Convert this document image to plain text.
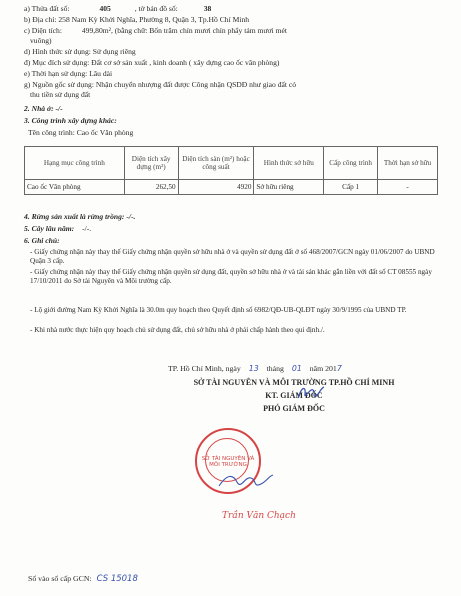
a) Thửa đất số:	405	, tờ bản đồ số:	38
b) Địa chỉ: 258 Nam Kỳ Khởi Nghĩa, Phường 8, Quận 3, Tp.Hồ Chí Minh
c) Diện tích:	499,80m², (bằng chữ: Bốn trăm chín mươi chín phẩy tám mươi mét
vuông)
d) Hình thức sử dụng: Sử dụng riêng
đ) Mục đích sử dụng: Đất cơ sở sản xuất , kinh doanh ( xây dựng cao ốc văn phòng)
e) Thời hạn sử dụng: Lâu dài
g) Nguồn gốc sử dụng: Nhận chuyển nhượng đất được Công nhận QSDĐ như giao đất có
thu tiền sử dụng đất
2. Nhà ở: -/-
3. Công trình xây dựng khác:
Tên công trình: Cao ốc Văn phòng
Hạng mục công trình	Diện tích xây dựng (m²)	Diện tích sàn (m²) hoặc công suất	Hình thức sở hữu	Cấp công trình	Thời hạn sở hữu
Cao ốc Văn phòng	262,50	4920	Sở hữu riêng	Cấp 1	-
4. Rừng sản xuất là rừng trồng: -/-.
5. Cây lâu năm: -/-.
6. Ghi chú:
- Giấy chứng nhận này thay thế Giấy chứng nhận quyền sở hữu nhà ở và quyền sử dụng đất ở số 468/2007/GCN ngày 01/06/2007 do UBND Quận 3 cấp.
- Giấy chứng nhận này thay thế Giấy chứng nhận quyền sử dụng đất, quyền sở hữu nhà ở và tài sản khác gắn liền với đất số CT 08555 ngày 17/10/2011 do Sở tài Nguyên và Môi trường cấp.
- Lộ giới đường Nam Kỳ Khởi Nghĩa là 30.0m quy hoạch theo Quyết định số 6982/QĐ-UB-QLĐT ngày 30/9/1995 của UBND TP.
- Khi nhà nước thực hiện quy hoạch chủ sử dụng đất, chủ sở hữu nhà ở phải chấp hành theo qui định./.
TP. Hồ Chí Minh, ngày 13 tháng 01 năm 2017
SỞ TÀI NGUYÊN VÀ MÔI TRƯỜNG TP.HỒ CHÍ MINH
KT. GIÁM ĐỐC
PHÓ GIÁM ĐỐC
SỞ TÀI NGUYÊN VÀ MÔI TRƯỜNG
Trần Văn Chạch
Số vào sổ cấp GCN: CS 15018
